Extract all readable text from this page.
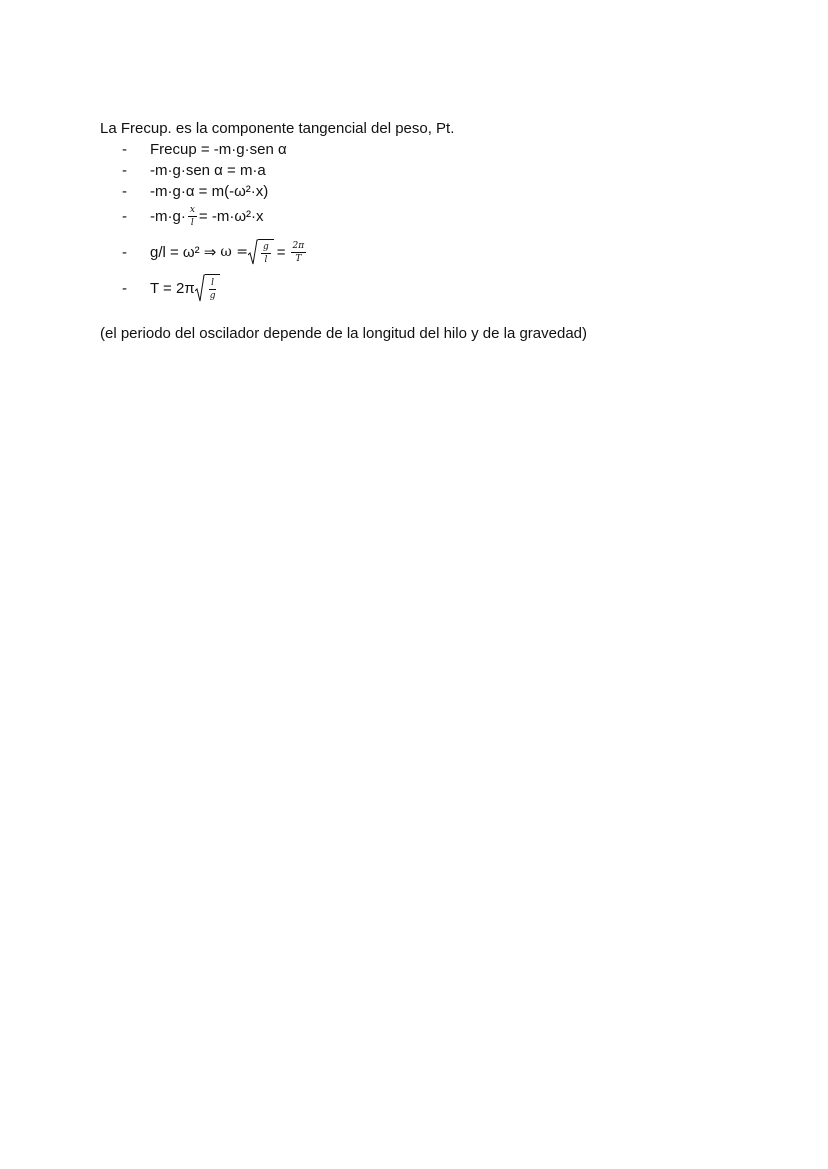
La Frecup. es la componente tangencial del peso, Pt.
-	Frecup = -m·g·sen α
-	-m·g·sen α = m·a
-	-m·g·α = m(-ω²·x)
-	$-m\cdot g\cdot \frac{x}{l} = -m\cdot\omega^2\cdot x$
-	g/l = ω² ⇒ $\omega = \frac{g}{l} = \frac{2\pi}{T}$
-	$T = 2\pi \frac{l}{g}$
(el periodo del oscilador depende de la longitud del hilo y de la gravedad)
